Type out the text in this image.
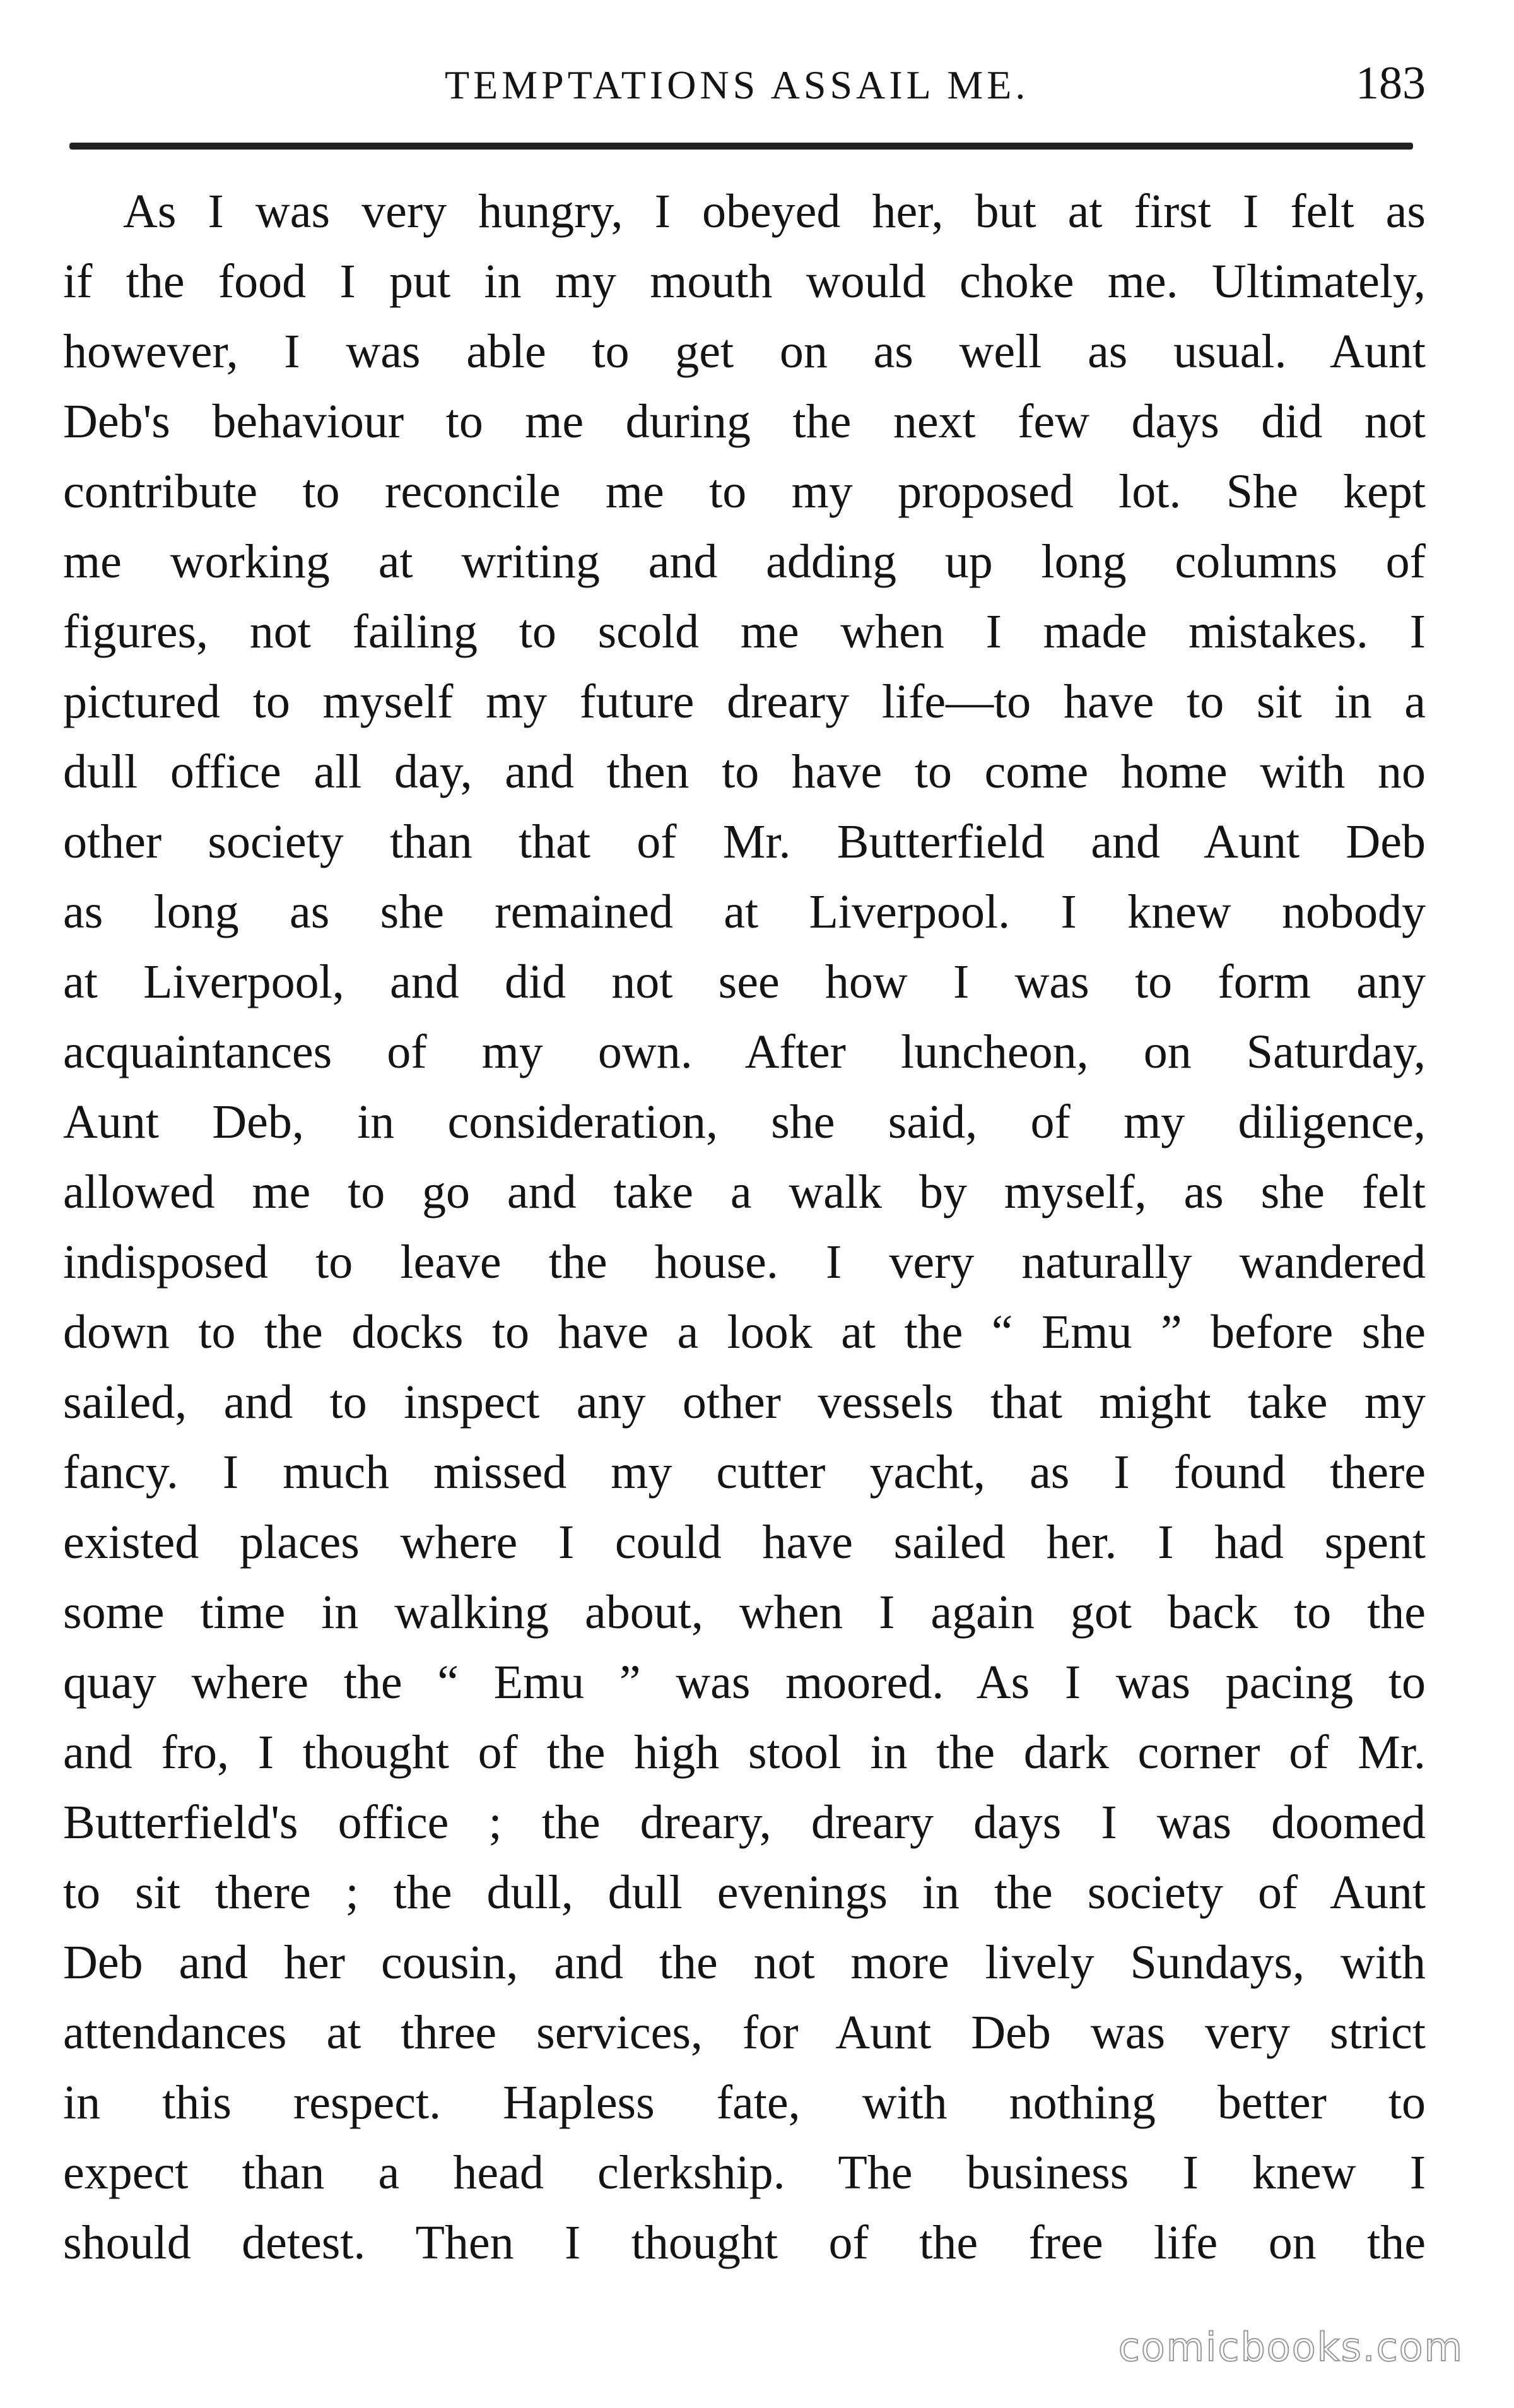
TEMPTATIONS ASSAIL ME.	183
As I was very hungry, I obeyed her, but at first I felt as
if the food I put in my mouth would choke me. Ultimately,
however, I was able to get on as well as usual. Aunt
Deb's behaviour to me during the next few days did not
contribute to reconcile me to my proposed lot. She kept
me working at writing and adding up long columns of
figures, not failing to scold me when I made mistakes. I
pictured to myself my future dreary life—to have to sit in a
dull office all day, and then to have to come home with no
other society than that of Mr. Butterfield and Aunt Deb
as long as she remained at Liverpool. I knew nobody
at Liverpool, and did not see how I was to form any
acquaintances of my own. After luncheon, on Saturday,
Aunt Deb, in consideration, she said, of my diligence,
allowed me to go and take a walk by myself, as she felt
indisposed to leave the house. I very naturally wandered
down to the docks to have a look at the “ Emu ” before she
sailed, and to inspect any other vessels that might take my
fancy. I much missed my cutter yacht, as I found there
existed places where I could have sailed her. I had spent
some time in walking about, when I again got back to the
quay where the “ Emu ” was moored. As I was pacing to
and fro, I thought of the high stool in the dark corner of Mr.
Butterfield's office ; the dreary, dreary days I was doomed
to sit there ; the dull, dull evenings in the society of Aunt
Deb and her cousin, and the not more lively Sundays, with
attendances at three services, for Aunt Deb was very strict
in this respect. Hapless fate, with nothing better to
expect than a head clerkship. The business I knew I
should detest. Then I thought of the free life on the
comicbooks.com
